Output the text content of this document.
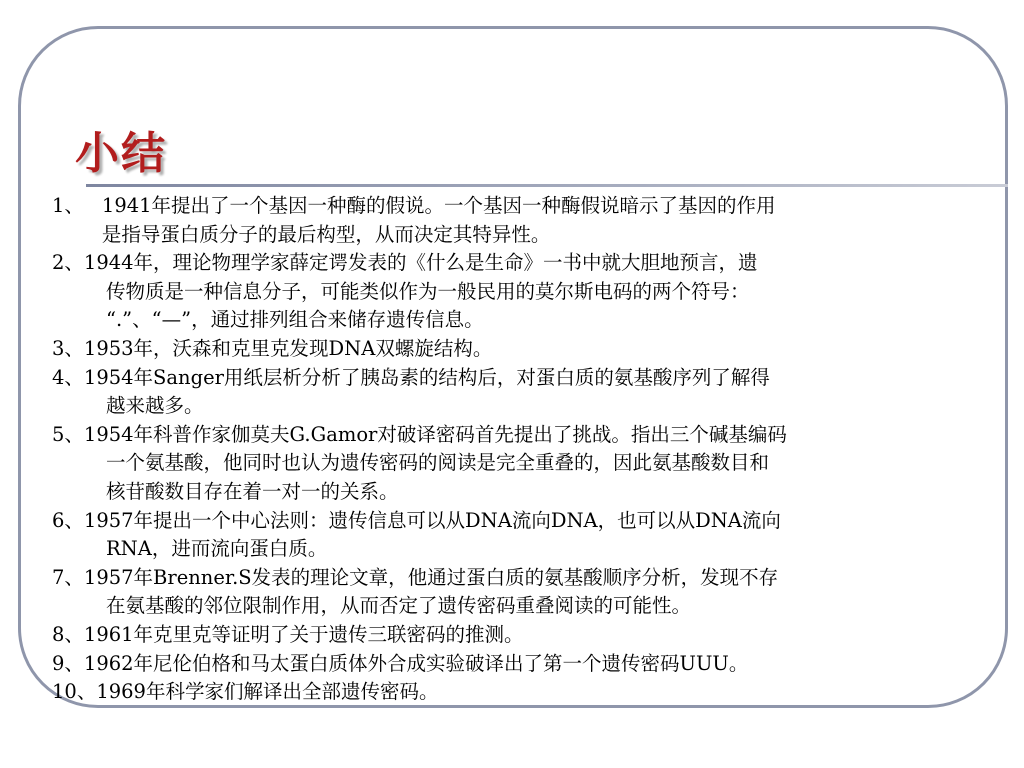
小结
1、 1941年提出了一个基因一种酶的假说。一个基因一种酶假说暗示了基因的作用
是指导蛋白质分子的最后构型，从而决定其特异性。
2、1944年，理论物理学家薛定谔发表的《什么是生命》一书中就大胆地预言，遗
传物质是一种信息分子，可能类似作为一般民用的莫尔斯电码的两个符号：
“.”、“—”，通过排列组合来储存遗传信息。
3、1953年，沃森和克里克发现DNA双螺旋结构。
4、1954年Sanger用纸层析分析了胰岛素的结构后，对蛋白质的氨基酸序列了解得
越来越多。
5、1954年科普作家伽莫夫G.Gamor对破译密码首先提出了挑战。指出三个碱基编码
一个氨基酸，他同时也认为遗传密码的阅读是完全重叠的，因此氨基酸数目和
核苷酸数目存在着一对一的关系。
6、1957年提出一个中心法则：遗传信息可以从DNA流向DNA，也可以从DNA流向
RNA，进而流向蛋白质。
7、1957年Brenner.S发表的理论文章，他通过蛋白质的氨基酸顺序分析，发现不存
在氨基酸的邻位限制作用，从而否定了遗传密码重叠阅读的可能性。
8、1961年克里克等证明了关于遗传三联密码的推测。
9、1962年尼伦伯格和马太蛋白质体外合成实验破译出了第一个遗传密码UUU。
10、1969年科学家们解译出全部遗传密码。
